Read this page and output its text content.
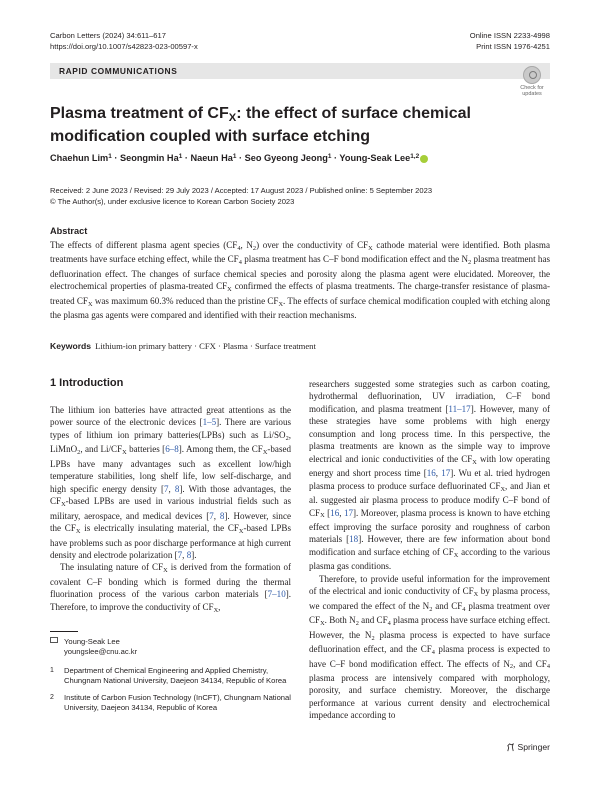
Carbon Letters (2024) 34:611–617
https://doi.org/10.1007/s42823-023-00597-x
Online ISSN 2233-4998
Print ISSN 1976-4251
RAPID COMMUNICATIONS
Check for updates
Plasma treatment of $CF_X$: the effect of surface chemical modification coupled with surface etching
Chaehun Lim$^1$ · Seongmin $Ha^1$ · Naeun $Ha^1$ · Seo Gyeong Jeong$^1$ · Young-Seak Lee$^{1,2}$
Received: 2 June 2023 / Revised: 29 July 2023 / Accepted: 17 August 2023 / Published online: 5 September 2023
© The Author(s), under exclusive licence to Korean Carbon Society 2023
Abstract
The effects of different plasma agent species ($CF_4$, $N_2$) over the conductivity of $CF_X$ cathode material were identified. Both plasma treatments have surface etching effect, while the $CF_4$ plasma treatment has C–F bond modification effect and the $N_2$ plasma treatment has defluorination effect. The changes of surface chemical species and porosity along the plasma agent were elucidated. Moreover, the electrochemical properties of plasma-treated $CF_X$ confirmed the effects of plasma treatments. The charge-transfer resistance of plasma-treated $CF_X$ was maximum 60.3% reduced than the pristine $CF_X$. The effects of surface chemical modification coupled with etching along the plasma gas agents were compared and identified with their reaction mechanisms.
Keywords Lithium-ion primary battery · CFX · Plasma · Surface treatment
1 Introduction

The lithium ion batteries have attracted great attentions as the power source of the electronic devices [1–5]. There are various types of lithium ion primary batteries(LPBs) such as $Li/SO_2$, LiMnO$_2$, and $Li/CF_X$ batteries [6–8]. Among them, the $CF_X$-based LPBs have many advantages such as excellent low/high temperature stabilities, long shelf life, low self-discharge, and high specific energy density [7, 8]. With those advantages, the $CF_X$-based LPBs are used in various industrial fields such as military, aerospace, and medical devices [7, 8]. However, since the $CF_X$ is electrically insulating material, the $CF_X$-based LPBs have problems such as poor discharge performance at high current density and electrode polarization [7, 8].

The insulating nature of $CF_X$ is derived from the formation of covalent C–F bonding which is formed during the thermal fluorination process of the various carbon materials [7–10]. Therefore, to improve the conductivity of $CF_X$,

researchers suggested some strategies such as carbon coating, hydrothermal defluorination, UV irradiation, C–F bond modification, and plasma treatment [11–17]. However, many of these strategies have some problems with high energy consumption and long process time. In this perspective, the plasma treatments are known as the simple way to improve electrical and ionic conductivities of the $CF_X$ with low operating energy and short process time [16, 17]. Wu et al. tried hydrogen plasma process to produce surface defluorinated $CF_X$, and Jian et al. suggested air plasma process to produce modify C–F bond of $CF_X$ [16, 17]. Moreover, plasma process is known to have etching effect improving the surface porosity and roughness of carbon materials [18]. However, there are few information about bond modification and surface etching of $CF_X$ according to the various plasma gas conditions.

Therefore, to provide useful information for the improvement of the electrical and ionic conductivity of $CF_X$ by plasma process, we compared the effect of the $N_2$ and $CF_4$ plasma treatment over $CF_X$. Both $N_2$ and $CF_4$ plasma process have surface etching effect. However, the $N_2$ plasma process is expected to have surface defluorination effect, and the $CF_4$ plasma process is expected to have C–F bond modification effect. The effects of $N_2$, and $CF_4$ plasma process are intensively compared with morphology, porosity, and surface chemistry. Moreover, the discharge performance at various current density and electrochemical impedance according to

Young-Seak Lee
youngslee@cnu.ac.kr
1	Department of Chemical Engineering and Applied Chemistry, Chungnam National University, Daejeon 34134, Republic of Korea
2	Institute of Carbon Fusion Technology (InCFT), Chungnam National University, Daejeon 34134, Republic of Korea
Springer
